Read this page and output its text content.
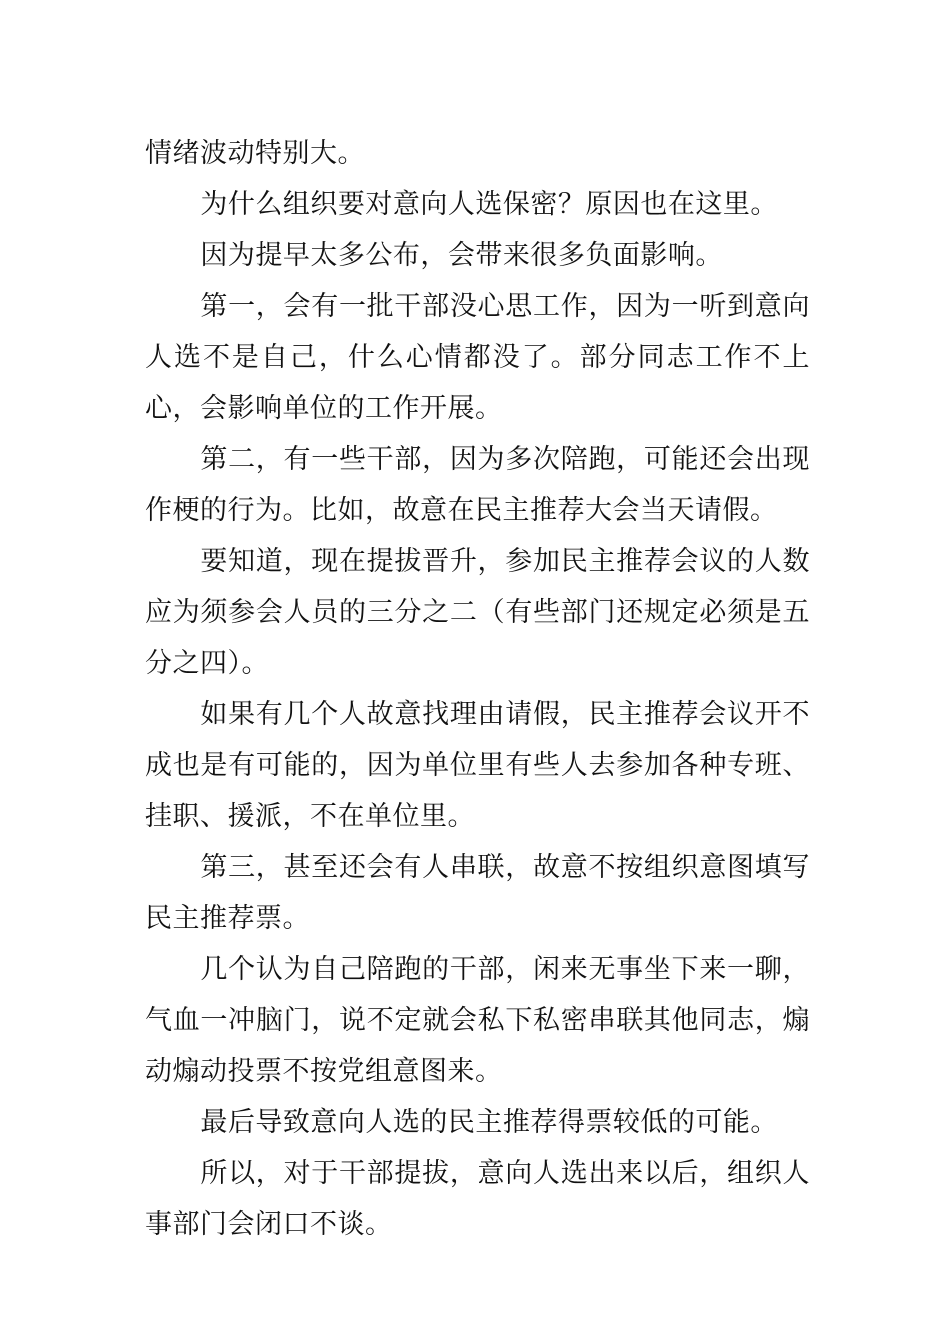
情绪波动特别大。

为什么组织要对意向人选保密？原因也在这里。

因为提早太多公布，会带来很多负面影响。

第一，会有一批干部没心思工作，因为一听到意向人选不是自己，什么心情都没了。部分同志工作不上心，会影响单位的工作开展。

第二，有一些干部，因为多次陪跑，可能还会出现作梗的行为。比如，故意在民主推荐大会当天请假。

要知道，现在提拔晋升，参加民主推荐会议的人数应为须参会人员的三分之二（有些部门还规定必须是五分之四）。

如果有几个人故意找理由请假，民主推荐会议开不成也是有可能的，因为单位里有些人去参加各种专班、挂职、援派，不在单位里。

第三，甚至还会有人串联，故意不按组织意图填写民主推荐票。

几个认为自己陪跑的干部，闲来无事坐下来一聊，气血一冲脑门，说不定就会私下私密串联其他同志，煽动煽动投票不按党组意图来。

最后导致意向人选的民主推荐得票较低的可能。

所以，对于干部提拔，意向人选出来以后，组织人事部门会闭口不谈。
